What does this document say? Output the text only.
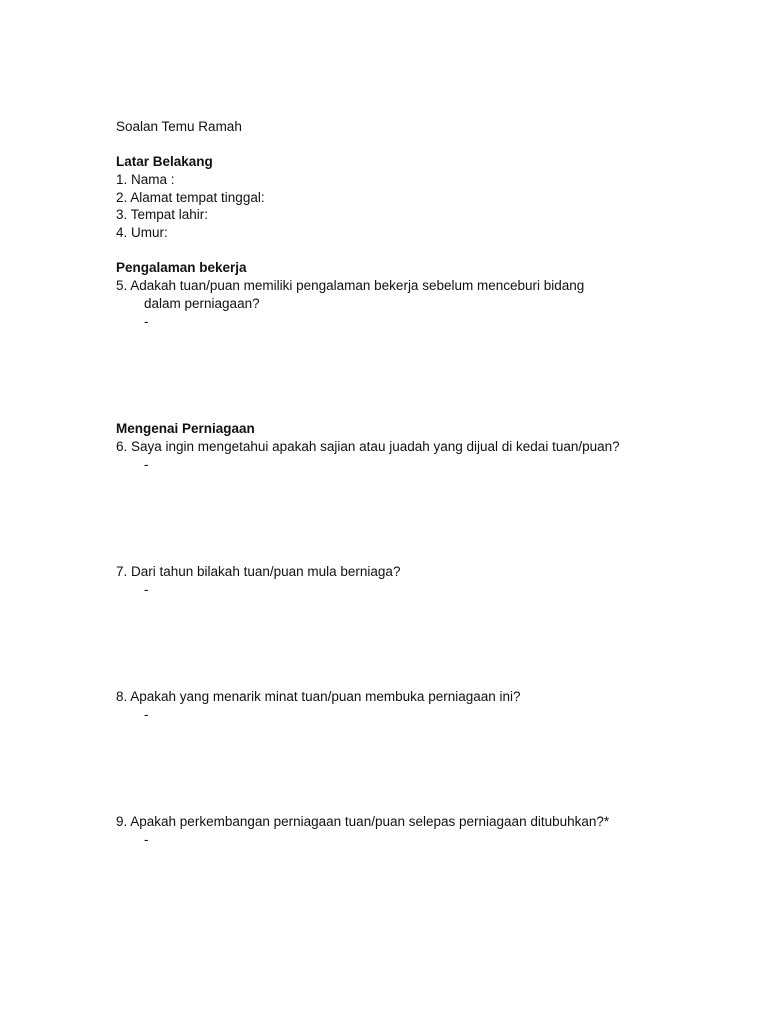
Soalan Temu Ramah
Latar Belakang
1. Nama :
2. Alamat tempat tinggal:
3. Tempat lahir:
4. Umur:
Pengalaman bekerja
5. Adakah tuan/puan memiliki pengalaman bekerja sebelum menceburi bidang
dalam perniagaan?
-
Mengenai Perniagaan
6. Saya ingin mengetahui apakah sajian atau juadah yang dijual di kedai tuan/puan?
-
7. Dari tahun bilakah tuan/puan mula berniaga?
-
8. Apakah yang menarik minat tuan/puan membuka perniagaan ini?
-
9. Apakah perkembangan perniagaan tuan/puan selepas perniagaan ditubuhkan?*
-
